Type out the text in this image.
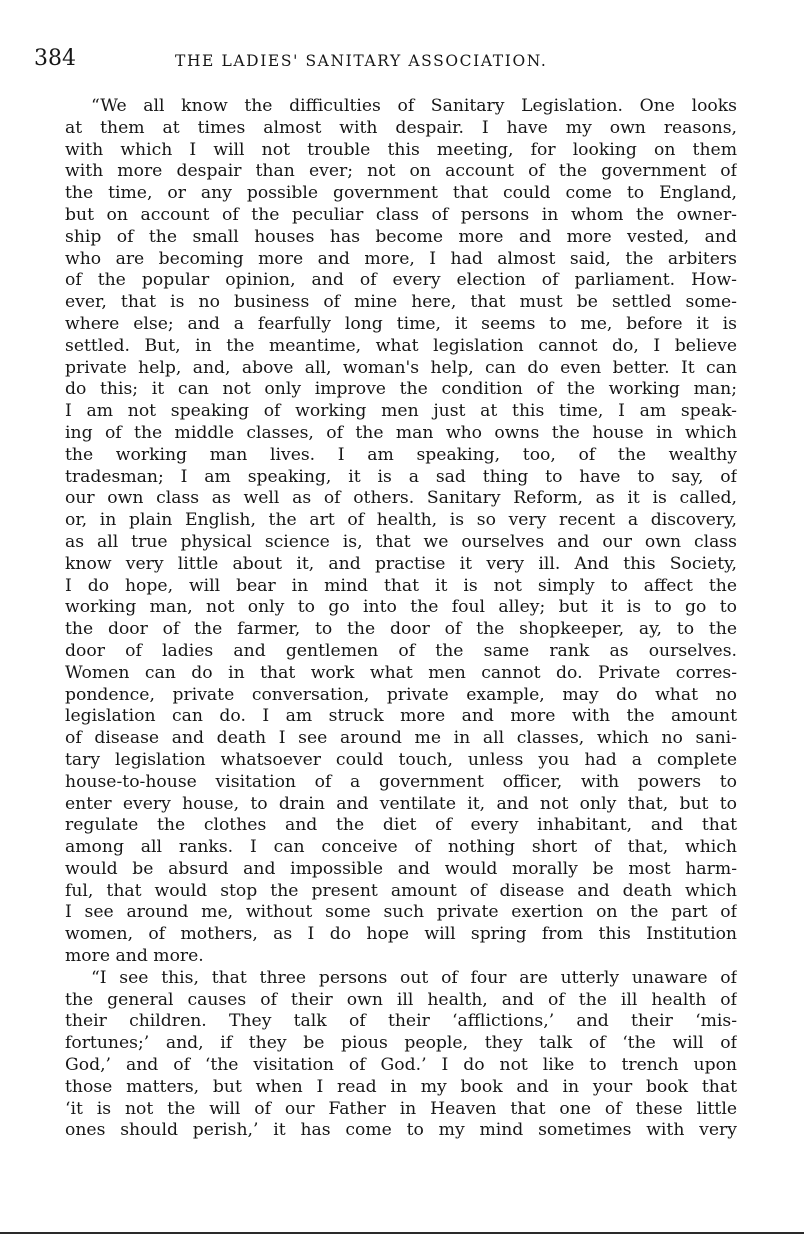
384	THE LADIES' SANITARY ASSOCIATION.
“We all know the difficulties of Sanitary Legislation. One looks
at them at times almost with despair. I have my own reasons,
with which I will not trouble this meeting, for looking on them
with more despair than ever; not on account of the government of
the time, or any possible government that could come to England,
but on account of the peculiar class of persons in whom the owner-
ship of the small houses has become more and more vested, and
who are becoming more and more, I had almost said, the arbiters
of the popular opinion, and of every election of parliament. How-
ever, that is no business of mine here, that must be settled some-
where else; and a fearfully long time, it seems to me, before it is
settled. But, in the meantime, what legislation cannot do, I believe
private help, and, above all, woman's help, can do even better. It can
do this; it can not only improve the condition of the working man;
I am not speaking of working men just at this time, I am speak-
ing of the middle classes, of the man who owns the house in which
the working man lives. I am speaking, too, of the wealthy
tradesman; I am speaking, it is a sad thing to have to say, of
our own class as well as of others. Sanitary Reform, as it is called,
or, in plain English, the art of health, is so very recent a discovery,
as all true physical science is, that we ourselves and our own class
know very little about it, and practise it very ill. And this Society,
I do hope, will bear in mind that it is not simply to affect the
working man, not only to go into the foul alley; but it is to go to
the door of the farmer, to the door of the shopkeeper, ay, to the
door of ladies and gentlemen of the same rank as ourselves.
Women can do in that work what men cannot do. Private corres-
pondence, private conversation, private example, may do what no
legislation can do. I am struck more and more with the amount
of disease and death I see around me in all classes, which no sani-
tary legislation whatsoever could touch, unless you had a complete
house-to-house visitation of a government officer, with powers to
enter every house, to drain and ventilate it, and not only that, but to
regulate the clothes and the diet of every inhabitant, and that
among all ranks. I can conceive of nothing short of that, which
would be absurd and impossible and would morally be most harm-
ful, that would stop the present amount of disease and death which
I see around me, without some such private exertion on the part of
women, of mothers, as I do hope will spring from this Institution
more and more.
“I see this, that three persons out of four are utterly unaware of
the general causes of their own ill health, and of the ill health of
their children. They talk of their ‘afflictions,’ and their ‘mis-
fortunes;’ and, if they be pious people, they talk of ‘the will of
God,’ and of ‘the visitation of God.’ I do not like to trench upon
those matters, but when I read in my book and in your book that
‘it is not the will of our Father in Heaven that one of these little
ones should perish,’ it has come to my mind sometimes with very
